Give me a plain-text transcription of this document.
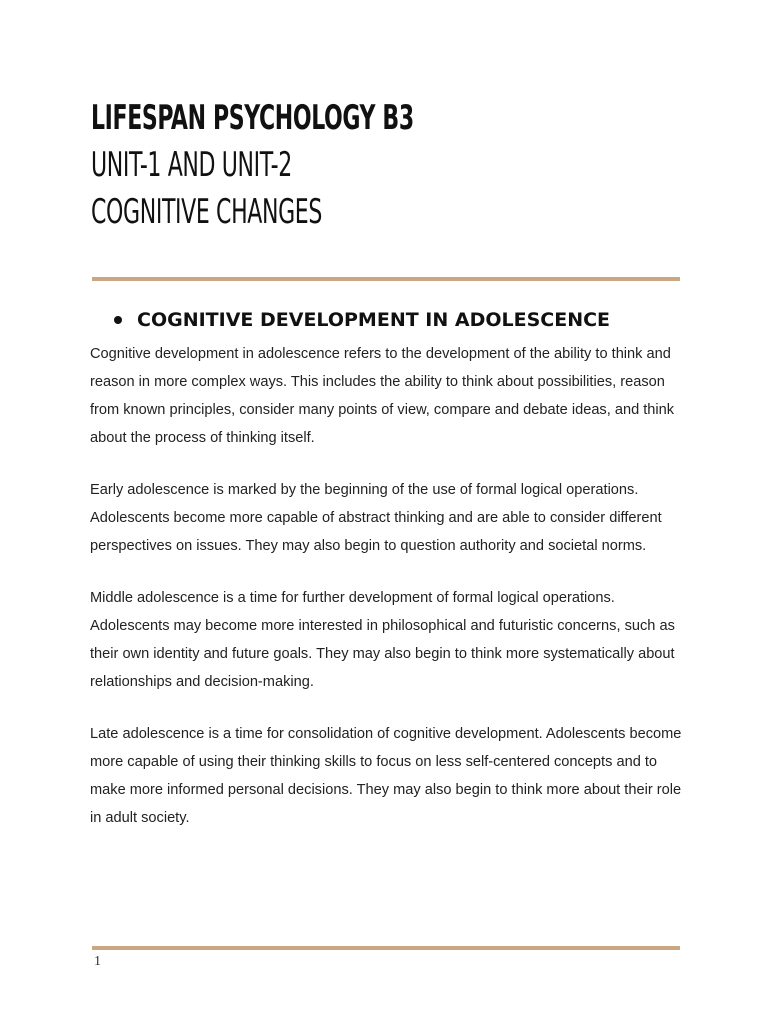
LIFESPAN PSYCHOLOGY B3
UNIT-1 AND UNIT-2
COGNITIVE CHANGES
COGNITIVE DEVELOPMENT IN ADOLESCENCE

Cognitive development in adolescence refers to the development of the ability to think and reason in more complex ways. This includes the ability to think about possibilities, reason from known principles, consider many points of view, compare and debate ideas, and think about the process of thinking itself.

Early adolescence is marked by the beginning of the use of formal logical operations. Adolescents become more capable of abstract thinking and are able to consider different perspectives on issues. They may also begin to question authority and societal norms.

Middle adolescence is a time for further development of formal logical operations. Adolescents may become more interested in philosophical and futuristic concerns, such as their own identity and future goals. They may also begin to think more systematically about relationships and decision-making.

Late adolescence is a time for consolidation of cognitive development. Adolescents become more capable of using their thinking skills to focus on less self-centered concepts and to make more informed personal decisions. They may also begin to think more about their role in adult society.

1
